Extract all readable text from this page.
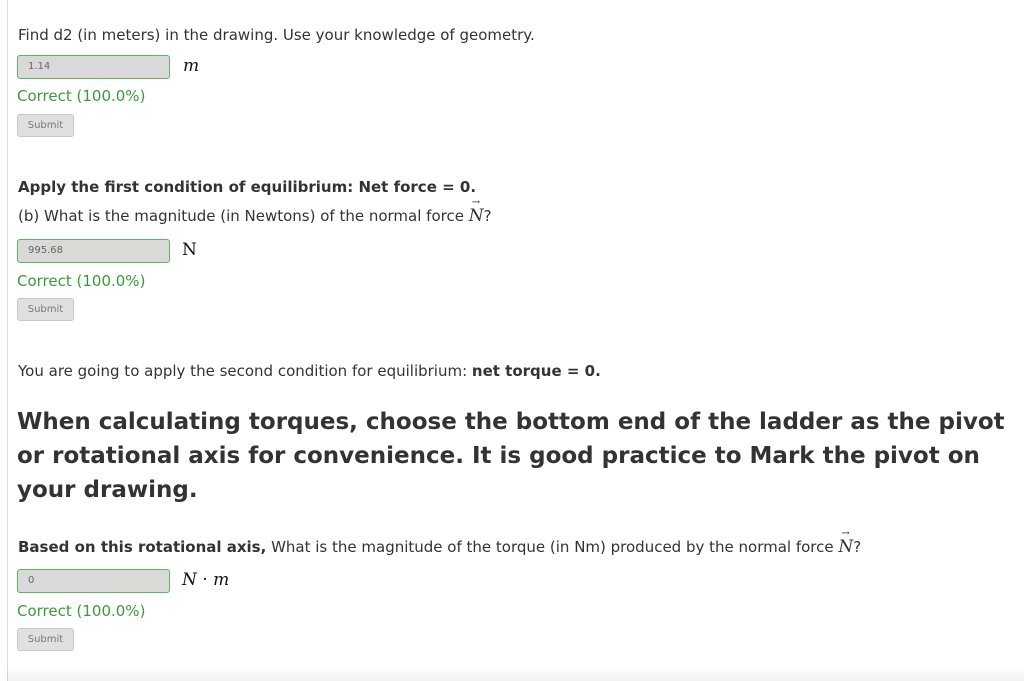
Find d2 (in meters) in the drawing. Use your knowledge of geometry.
1.14	m
Correct (100.0%)
Submit
Apply the first condition of equilibrium: Net force = 0.
(b) What is the magnitude (in Newtons) of the normal force
→
N?
995.68	N
Correct (100.0%)
Submit
You are going to apply the second condition for equilibrium: net torque = 0.
When calculating torques, choose the bottom end of the ladder as the pivot or rotational axis for convenience. It is good practice to Mark the pivot on your drawing.
Based on this rotational axis, What is the magnitude of the torque (in Nm) produced by the normal force
→
N?
0	N · m
Correct (100.0%)
Submit
